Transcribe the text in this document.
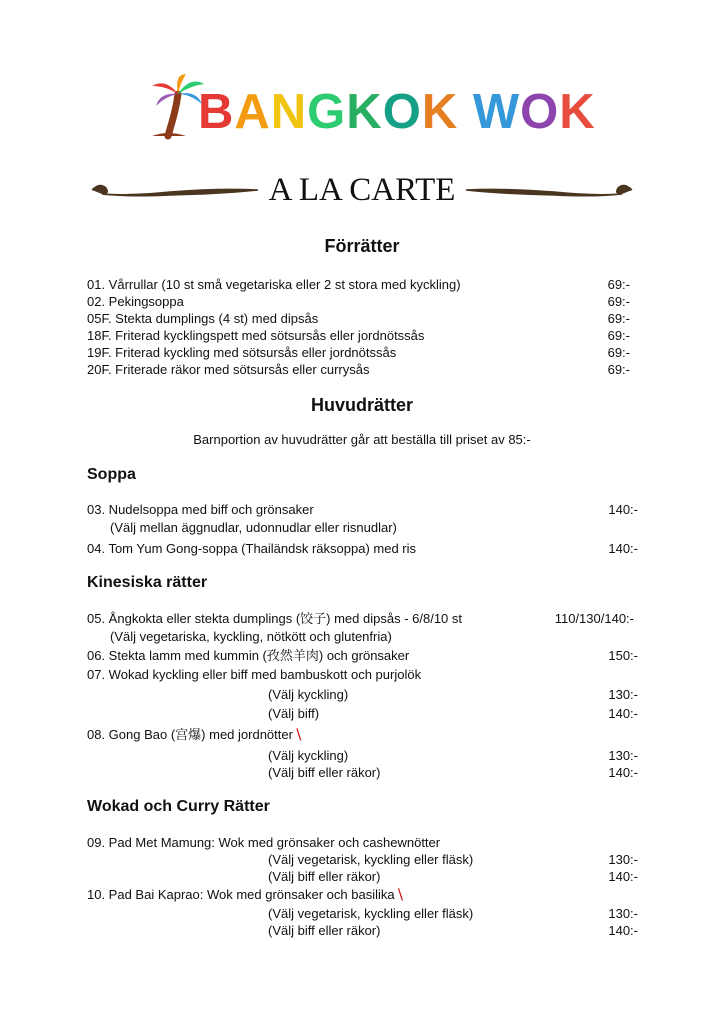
BANGKOK WOK
A LA CARTE
Förrätter
01. Vårrullar (10 st små vegetariska eller 2 st stora med kyckling)	69:-
02. Pekingsoppa	69:-
05F. Stekta dumplings (4 st) med dipsås	69:-
18F. Friterad kycklingspett med sötsursås eller jordnötssås	69:-
19F. Friterad kyckling med sötsursås eller jordnötssås	69:-
20F. Friterade räkor med sötsursås eller currysås	69:-
Huvudrätter
Barnportion av huvudrätter går att beställa till priset av 85:-
Soppa
03. Nudelsoppa med biff och grönsaker	140:-
(Välj mellan äggnudlar, udonnudlar eller risnudlar)
04. Tom Yum Gong-soppa (Thailändsk räksoppa) med ris	140:-
Kinesiska rätter
05. Ångkokta eller stekta dumplings (饺子) med dipsås - 6/8/10 st	110/130/140:-
(Välj vegetariska, kyckling, nötkött och glutenfria)
06. Stekta lamm med kummin (孜然羊肉) och grönsaker	150:-
07. Wokad kyckling eller biff med bambuskott och purjolök
(Välj kyckling)	130:-
(Välj biff)	140:-
08. Gong Bao (宫爆) med jordnötter ⧹
(Välj kyckling)	130:-
(Välj biff eller räkor)	140:-
Wokad och Curry Rätter
09. Pad Met Mamung: Wok med grönsaker och cashewnötter
(Välj vegetarisk, kyckling eller fläsk)	130:-
(Välj biff eller räkor)	140:-
10. Pad Bai Kaprao: Wok med grönsaker och basilika ⧹
(Välj vegetarisk, kyckling eller fläsk)	130:-
(Välj biff eller räkor)	140:-
